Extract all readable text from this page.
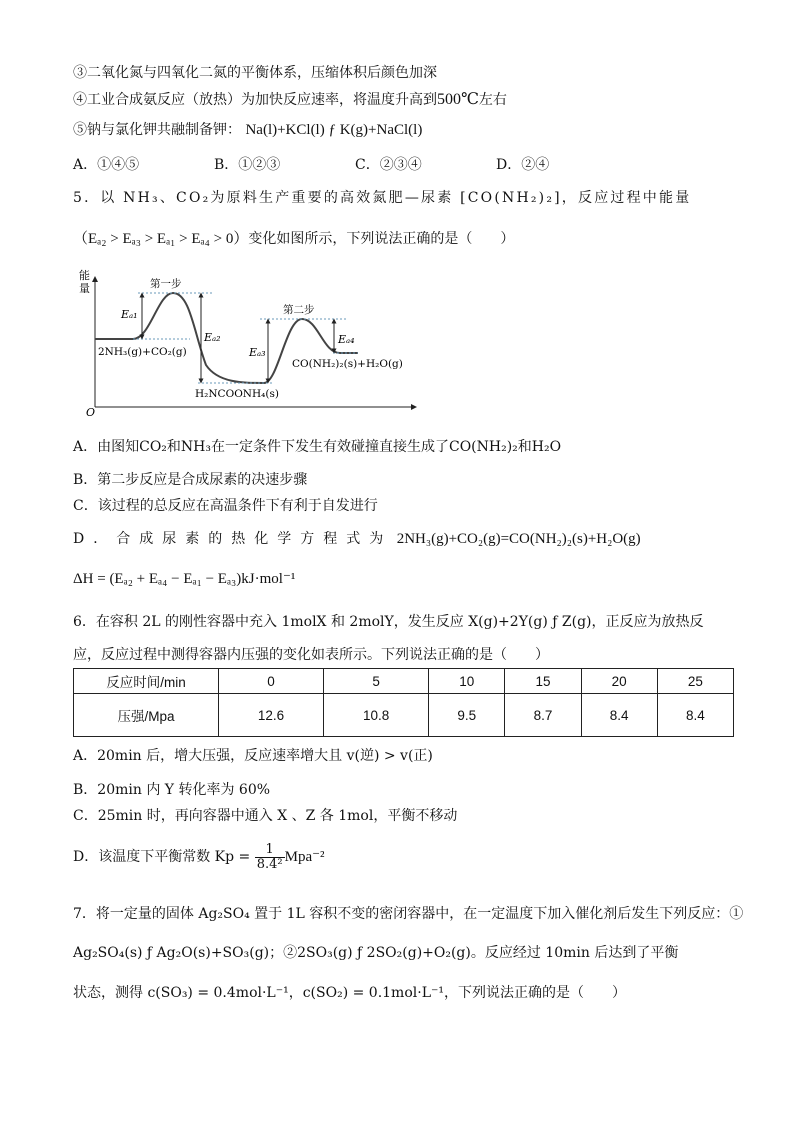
③二氧化氮与四氧化二氮的平衡体系，压缩体积后颜色加深
④工业合成氨反应（放热）为加快反应速率，将温度升高到500℃左右
⑤钠与氯化钾共融制备钾： Na(l)+KCl(l) ƒ K(g)+NaCl(l)
A．①④⑤	B．①②③	C．②③④	D．②④
5．以 NH₃、CO₂为原料生产重要的高效氮肥—尿素 [CO(NH₂)₂]，反应过程中能量
（Eₐ₂ > Eₐ₃ > Eₐ₁ > Eₐ₄ > 0）变化如图所示，下列说法正确的是（　　）
能
量
O
第一步
第二步
Eₐ₁
Eₐ₂
Eₐ₃
Eₐ₄
2NH₃(g)+CO₂(g)
H₂NCOONH₄(s)
CO(NH₂)₂(s)+H₂O(g)
A．由图知CO₂和NH₃在一定条件下发生有效碰撞直接生成了CO(NH₂)₂和H₂O
B．第二步反应是合成尿素的决速步骤
C．该过程的总反应在高温条件下有利于自发进行
D．合成尿素的热化学方程式为 2NH₃(g)+CO₂(g)=CO(NH₂)₂(s)+H₂O(g)
ΔH = (Eₐ₂ + Eₐ₄ − Eₐ₁ − Eₐ₃)kJ·mol⁻¹
6．在容积 2L 的刚性容器中充入 1molX 和 2molY，发生反应 X(g)+2Y(g) ƒ Z(g)，正反应为放热反
应，反应过程中测得容器内压强的变化如表所示。下列说法正确的是（　　）
反应时间/min	0	5	10	15	20	25
压强/Mpa	12.6	10.8	9.5	8.7	8.4	8.4
A．20min 后，增大压强，反应速率增大且 v(逆) > v(正)
B．20min 内 Y 转化率为 60%
C．25min 时，再向容器中通入 X 、Z 各 1mol，平衡不移动
D．该温度下平衡常数 $Kp = \frac{1}{\text{8.4²}} Mpa^{-2}$
7．将一定量的固体 Ag₂SO₄ 置于 1L 容积不变的密闭容器中，在一定温度下加入催化剂后发生下列反应：①
Ag₂SO₄(s) ƒ Ag₂O(s)+SO₃(g)；②2SO₃(g) ƒ 2SO₂(g)+O₂(g)。反应经过 10min 后达到了平衡
状态，测得 c(SO₃) = 0.4mol·L⁻¹，c(SO₂) = 0.1mol·L⁻¹，下列说法正确的是（　　）
